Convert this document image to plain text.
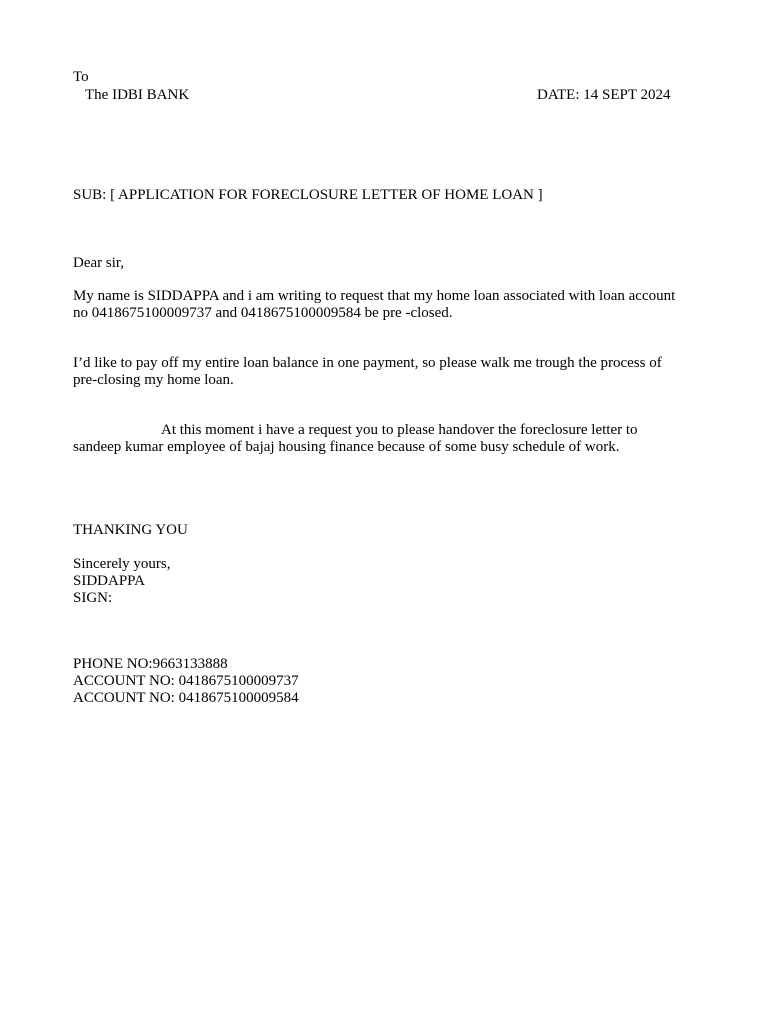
To
The IDBI BANK	DATE: 14 SEPT 2024
SUB: [ APPLICATION FOR FORECLOSURE LETTER OF HOME LOAN ]
Dear sir,
My name is SIDDAPPA and i am writing to request that my home loan associated with loan account
no 0418675100009737 and 0418675100009584 be pre -closed.
I’d like to pay off my entire loan balance in one payment, so please walk me trough the process of
pre-closing my home loan.
At this moment i have a request you to please handover the foreclosure letter to
sandeep kumar employee of bajaj housing finance because of some busy schedule of work.
THANKING YOU
Sincerely yours,
SIDDAPPA
SIGN:
PHONE NO:9663133888
ACCOUNT NO: 0418675100009737
ACCOUNT NO: 0418675100009584
